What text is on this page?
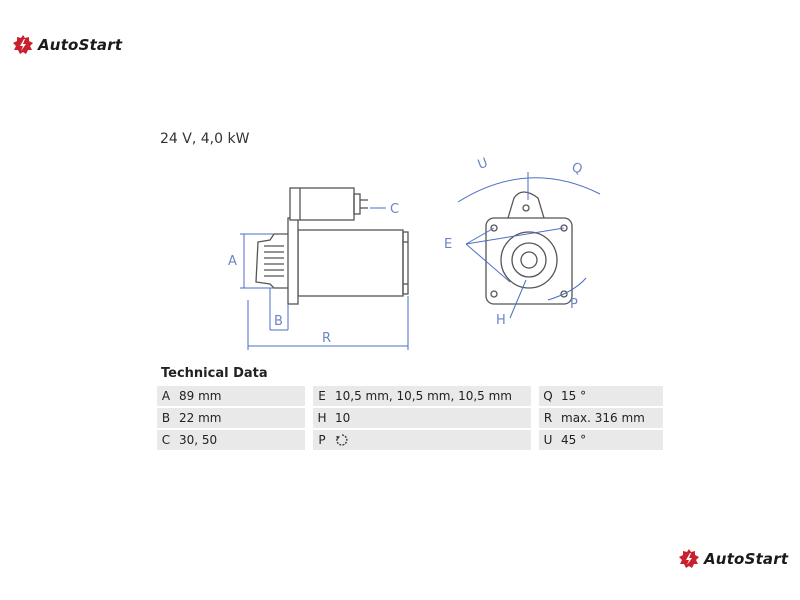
AutoStart
24 V, 4,0 kW
A
B
C
R
U	Q
E
H
P
Technical Data
A	89 mm		E	10,5 mm, 10,5 mm, 10,5 mm		Q	15 °
B	22 mm		H	10		R	max. 316 mm
C	30, 50		P			U	45 °
AutoStart
